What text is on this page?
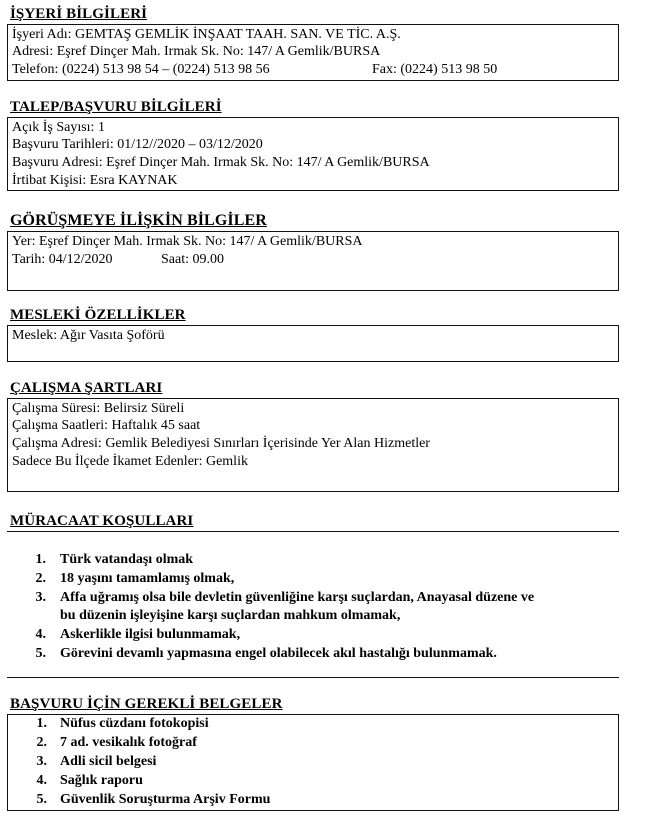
İŞYERİ BİLGİLERİ
İşyeri Adı: GEMTAŞ GEMLİK İNŞAAT TAAH. SAN. VE TİC. A.Ş.
Adresi: Eşref Dinçer Mah. Irmak Sk. No: 147/ A Gemlik/BURSA
Telefon: (0224) 513 98 54 – (0224) 513 98 56	Fax: (0224) 513 98 50
TALEP/BAŞVURU BİLGİLERİ
Açık İş Sayısı: 1
Başvuru Tarihleri: 01/12//2020 – 03/12/2020
Başvuru Adresi: Eşref Dinçer Mah. Irmak Sk. No: 147/ A Gemlik/BURSA
İrtibat Kişisi: Esra KAYNAK
GÖRÜŞMEYE İLİŞKİN BİLGİLER
Yer: Eşref Dinçer Mah. Irmak Sk. No: 147/ A Gemlik/BURSA
Tarih: 04/12/2020	Saat: 09.00
MESLEKİ ÖZELLİKLER
Meslek: Ağır Vasıta Şoförü
ÇALIŞMA ŞARTLARI
Çalışma Süresi: Belirsiz Süreli
Çalışma Saatleri: Haftalık 45 saat
Çalışma Adresi: Gemlik Belediyesi Sınırları İçerisinde Yer Alan Hizmetler
Sadece Bu İlçede İkamet Edenler: Gemlik
MÜRACAAT KOŞULLARI
1. Türk vatandaşı olmak
2. 18 yaşını tamamlamış olmak,
3. Affa uğramış olsa bile devletin güvenliğine karşı suçlardan, Anayasal düzene ve
bu düzenin işleyişine karşı suçlardan mahkum olmamak,
4. Askerlikle ilgisi bulunmamak,
5. Görevini devamlı yapmasına engel olabilecek akıl hastalığı bulunmamak.
BAŞVURU İÇİN GEREKLİ BELGELER
1. Nüfus cüzdanı fotokopisi
2. 7 ad. vesikalık fotoğraf
3. Adli sicil belgesi
4. Sağlık raporu
5. Güvenlik Soruşturma Arşiv Formu
